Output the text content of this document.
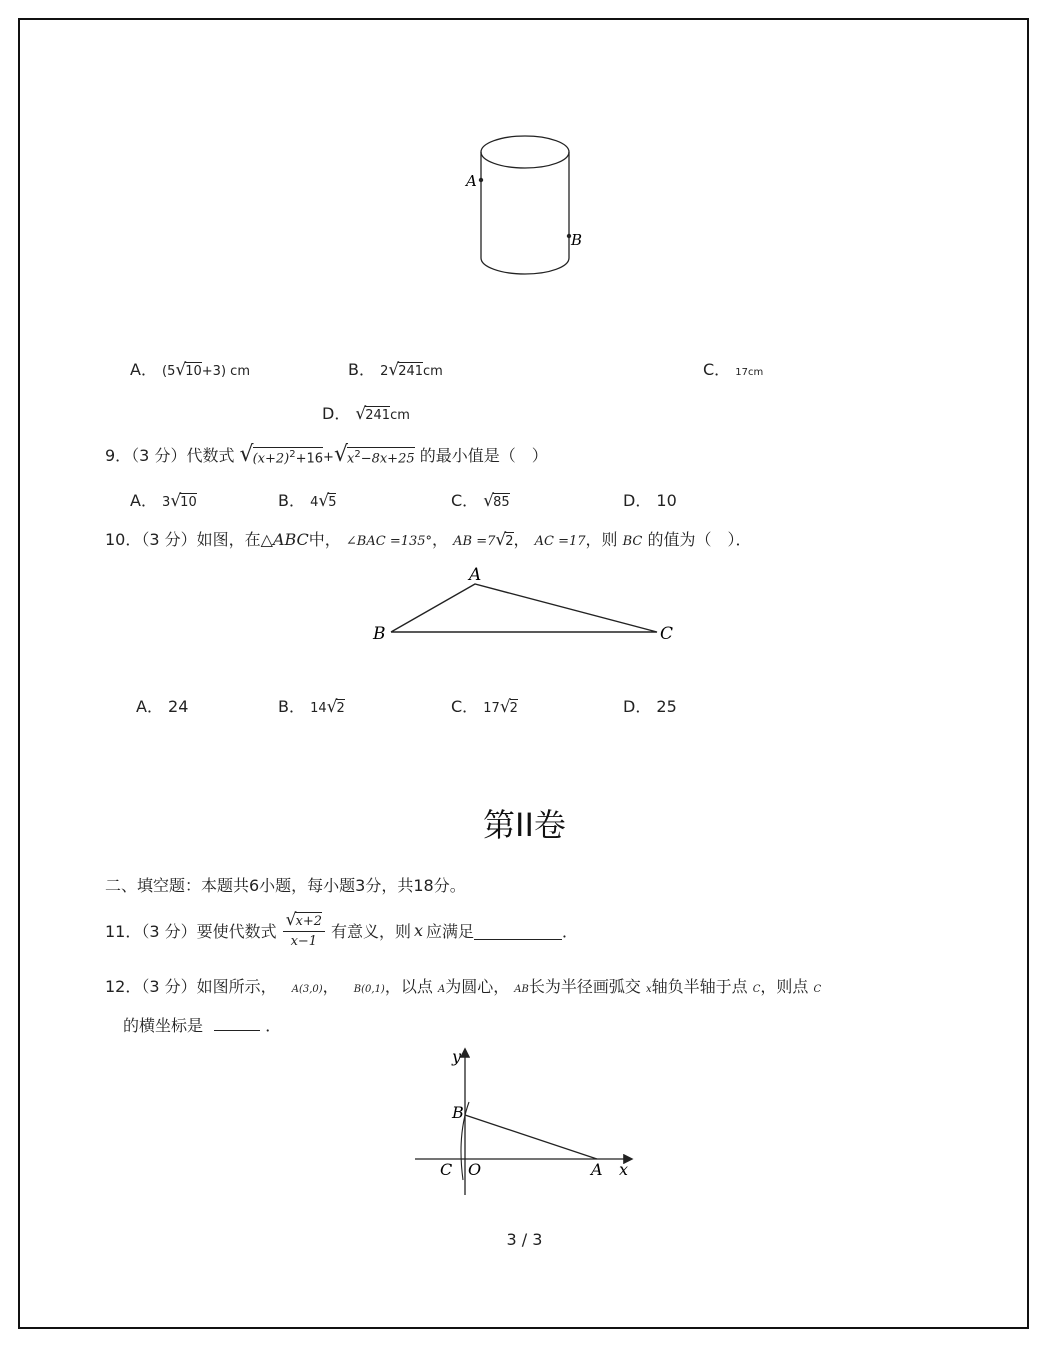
A
B
A． (5 √ 10 +3) cm	B． 2 √ 241 cm	C． 17cm
D． √ 241 cm
9．（3 分）代数式 √ $(x+2)^2+16$ + √ $x^2-8x+25$ 的最小值是（　）
A． 3 √ 10	B． 4 √ 5	C． √ 85	D． 10
10．（3 分）如图，在△ABC中， ∠BAC =135°， AB =7 √ 2 ， AC =17，则 BC 的值为（　）．
A
B	C
A． 24	B． 14 √ 2	C． 17 √ 2	D． 25
第II卷
二、填空题：本题共6小题，每小题3分，共18分。
11．（3 分）要使代数式 $\frac{√ x+2}{x-1}$ 有意义，则 x 应满足	．
12．（3 分）如图所示， A(3,0)， B(0,1)，以点 A为圆心， AB长为半径画弧交 x轴负半轴于点 C，则点 C
的横坐标是	．
y
x
B
C O	A
3 / 3
